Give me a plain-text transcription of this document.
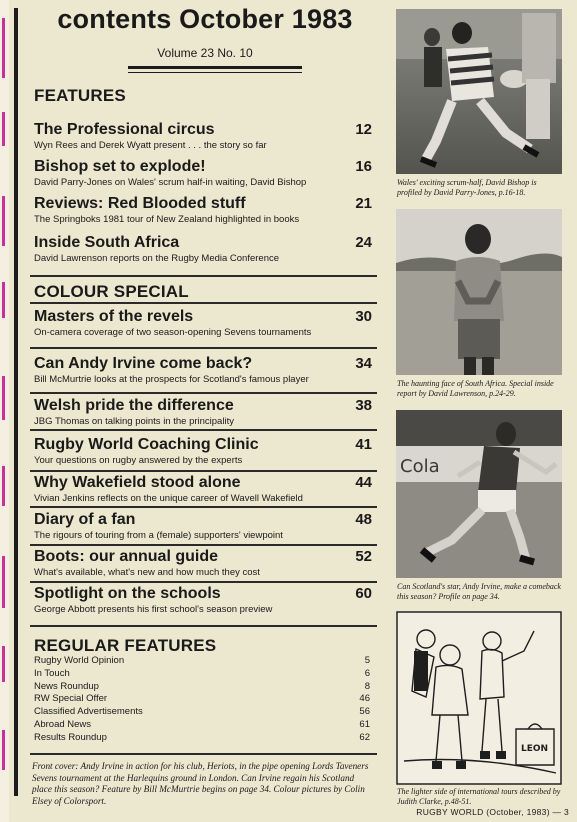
contents October 1983
Volume 23 No. 10
FEATURES
The Professional circus	12
Wyn Rees and Derek Wyatt present . . . the story so far
Bishop set to explode!	16
David Parry-Jones on Wales' scrum half-in waiting, David Bishop
Reviews: Red Blooded stuff	21
The Springboks 1981 tour of New Zealand highlighted in books
Inside South Africa	24
David Lawrenson reports on the Rugby Media Conference
COLOUR SPECIAL
Masters of the revels	30
On-camera coverage of two season-opening Sevens tournaments
Can Andy Irvine come back?	34
Bill McMurtrie looks at the prospects for Scotland's famous player
Welsh pride the difference	38
JBG Thomas on talking points in the principality
Rugby World Coaching Clinic	41
Your questions on rugby answered by the experts
Why Wakefield stood alone	44
Vivian Jenkins reflects on the unique career of Wavell Wakefield
Diary of a fan	48
The rigours of touring from a (female) supporters' viewpoint
Boots: our annual guide	52
What's available, what's new and how much they cost
Spotlight on the schools	60
George Abbott presents his first school's season preview
REGULAR FEATURES
Rugby World Opinion	5
In Touch	6
News Roundup	8
RW Special Offer	46
Classified Advertisements	56
Abroad News	61
Results Roundup	62
Front cover: Andy Irvine in action for his club, Heriots, in the pipe opening Lords Taveners Sevens tournament at the Harlequins ground in London. Can Irvine regain his Scotland place this season? Feature by Bill McMurtrie begins on page 34. Colour pictures by Colin Elsey of Colorsport.
Wales' exciting scrum-half, David Bishop is profiled by David Parry-Jones, p.16-18.
The haunting face of South Africa. Special inside report by David Lawrenson, p.24-29.
Cola
Can Scotland's star, Andy Irvine, make a comeback this season? Profile on page 34.
LEON
The lighter side of international tours described by Judith Clarke, p.48-51.
RUGBY WORLD (October, 1983) — 3
